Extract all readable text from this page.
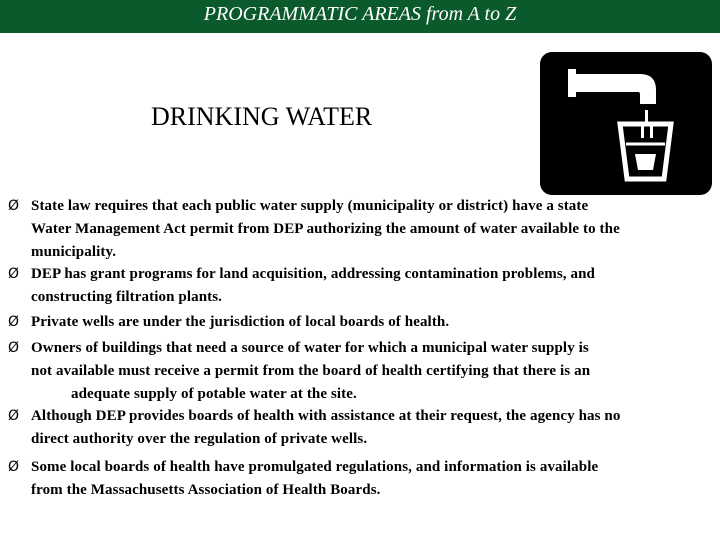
PROGRAMMATIC AREAS from A to Z
DRINKING WATER
Ø State law requires that each public water supply (municipality or district) have a state
Water Management Act permit from DEP authorizing the amount of water available to the
municipality.
Ø DEP has grant programs for land acquisition, addressing contamination problems, and
constructing filtration plants.
Ø Private wells are under the jurisdiction of local boards of health.
Ø Owners of buildings that need a source of water for which a municipal water supply is
not available must receive a permit from the board of health certifying that there is an
adequate supply of potable water at the site.
Ø Although DEP provides boards of health with assistance at their request, the agency has no
direct authority over the regulation of private wells.
Ø Some local boards of health have promulgated regulations, and information is available
from the Massachusetts Association of Health Boards.
